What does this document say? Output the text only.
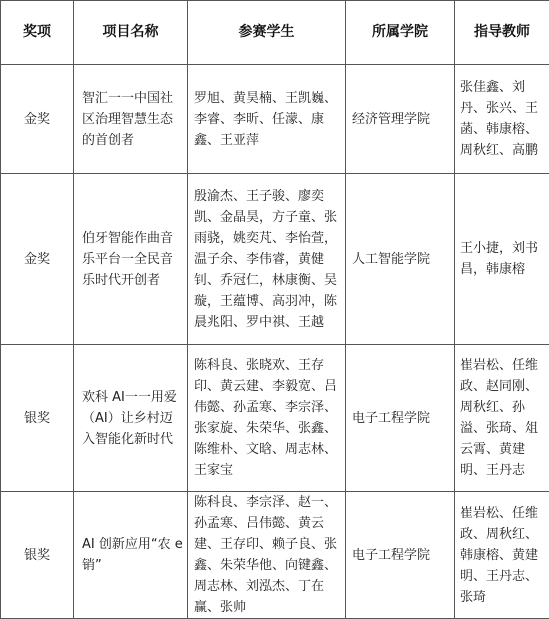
奖项	项目名称	参赛学生	所属学院	指导教师
金奖	智汇一一中国社区治理智慧生态的首创者	罗旭、黄昊楠、王凯巍、李睿、李昕、任濛、康鑫、王亚萍	经济管理学院	张佳鑫、刘丹、张兴、王菡、韩康榕、周秋红、高鹏

金奖	伯牙智能作曲音乐平台一全民音乐时代开创者	殷渝杰、王子骏、廖奕凯、金晶昊，方子童、张雨骁，姚奕芃、李怡萱，温子余、李伟睿，黄健钊、乔冠仁，林康衡、吴璇，王蕴博、高羽冲，陈晨兆阳、罗中祺、王越	人工智能学院	王小捷，刘书昌，韩康榕

银奖	欢科 AI一一用爱（AI）让乡村迈入智能化新时代	陈科良、张晓欢、王存印、黄云建、李毅宽、吕伟懿、孙孟寒、李宗泽、张家旋、朱荣华、张鑫、陈维朴、文晗、周志林、王家宝	电子工程学院	崔岩松、任维政、赵同刚、周秋红、孙溢、张琦、俎云霄、黄建明、王丹志

银奖	AI 创新应用“农 e 销”	陈科良、李宗泽、赵一、孙孟寒、吕伟懿、黄云建、王存印、赖子良、张鑫、朱荣华他、向键鑫、周志林、刘泓杰、丁在赢、张帅	电子工程学院	崔岩松、任维政、周秋红、韩康榕、黄建明、王丹志、张琦
